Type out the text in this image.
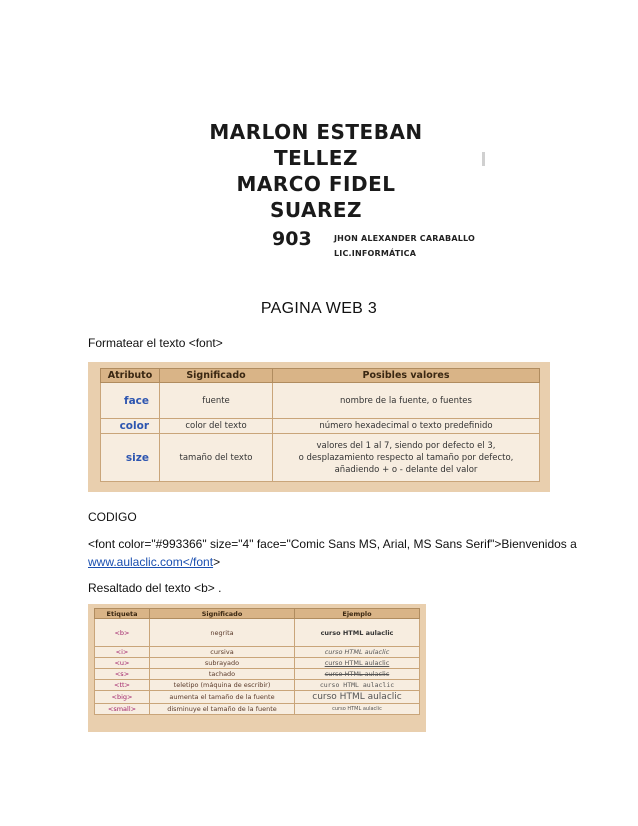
MARLON ESTEBAN
TELLEZ
MARCO FIDEL
SUAREZ
903	JHON ALEXANDER CARABALLO
LIC.INFORMÁTICA
PAGINA WEB 3
Formatear el texto <font>
Atributo	Significado	Posibles valores
face	fuente	nombre de la fuente, o fuentes
color	color del texto	número hexadecimal o texto predefinido
size	tamaño del texto	valores del 1 al 7, siendo por defecto el 3,
o desplazamiento respecto al tamaño por defecto,
añadiendo + o - delante del valor
CODIGO
<font color="#993366" size="4" face="Comic Sans MS, Arial, MS Sans Serif">Bienvenidos a
www.aulaclic.com</font>
Resaltado del texto <b> .
Etiqueta	Significado	Ejemplo
<b>	negrita	curso HTML aulaclic
<i>	cursiva	curso HTML aulaclic
<u>	subrayado	curso HTML aulaclic
<s>	tachado	curso HTML aulaclic
<tt>	teletipo (máquina de escribir)	curso HTML aulaclic
<big>	aumenta el tamaño de la fuente	curso HTML aulaclic
<small>	disminuye el tamaño de la fuente	curso HTML aulaclic
